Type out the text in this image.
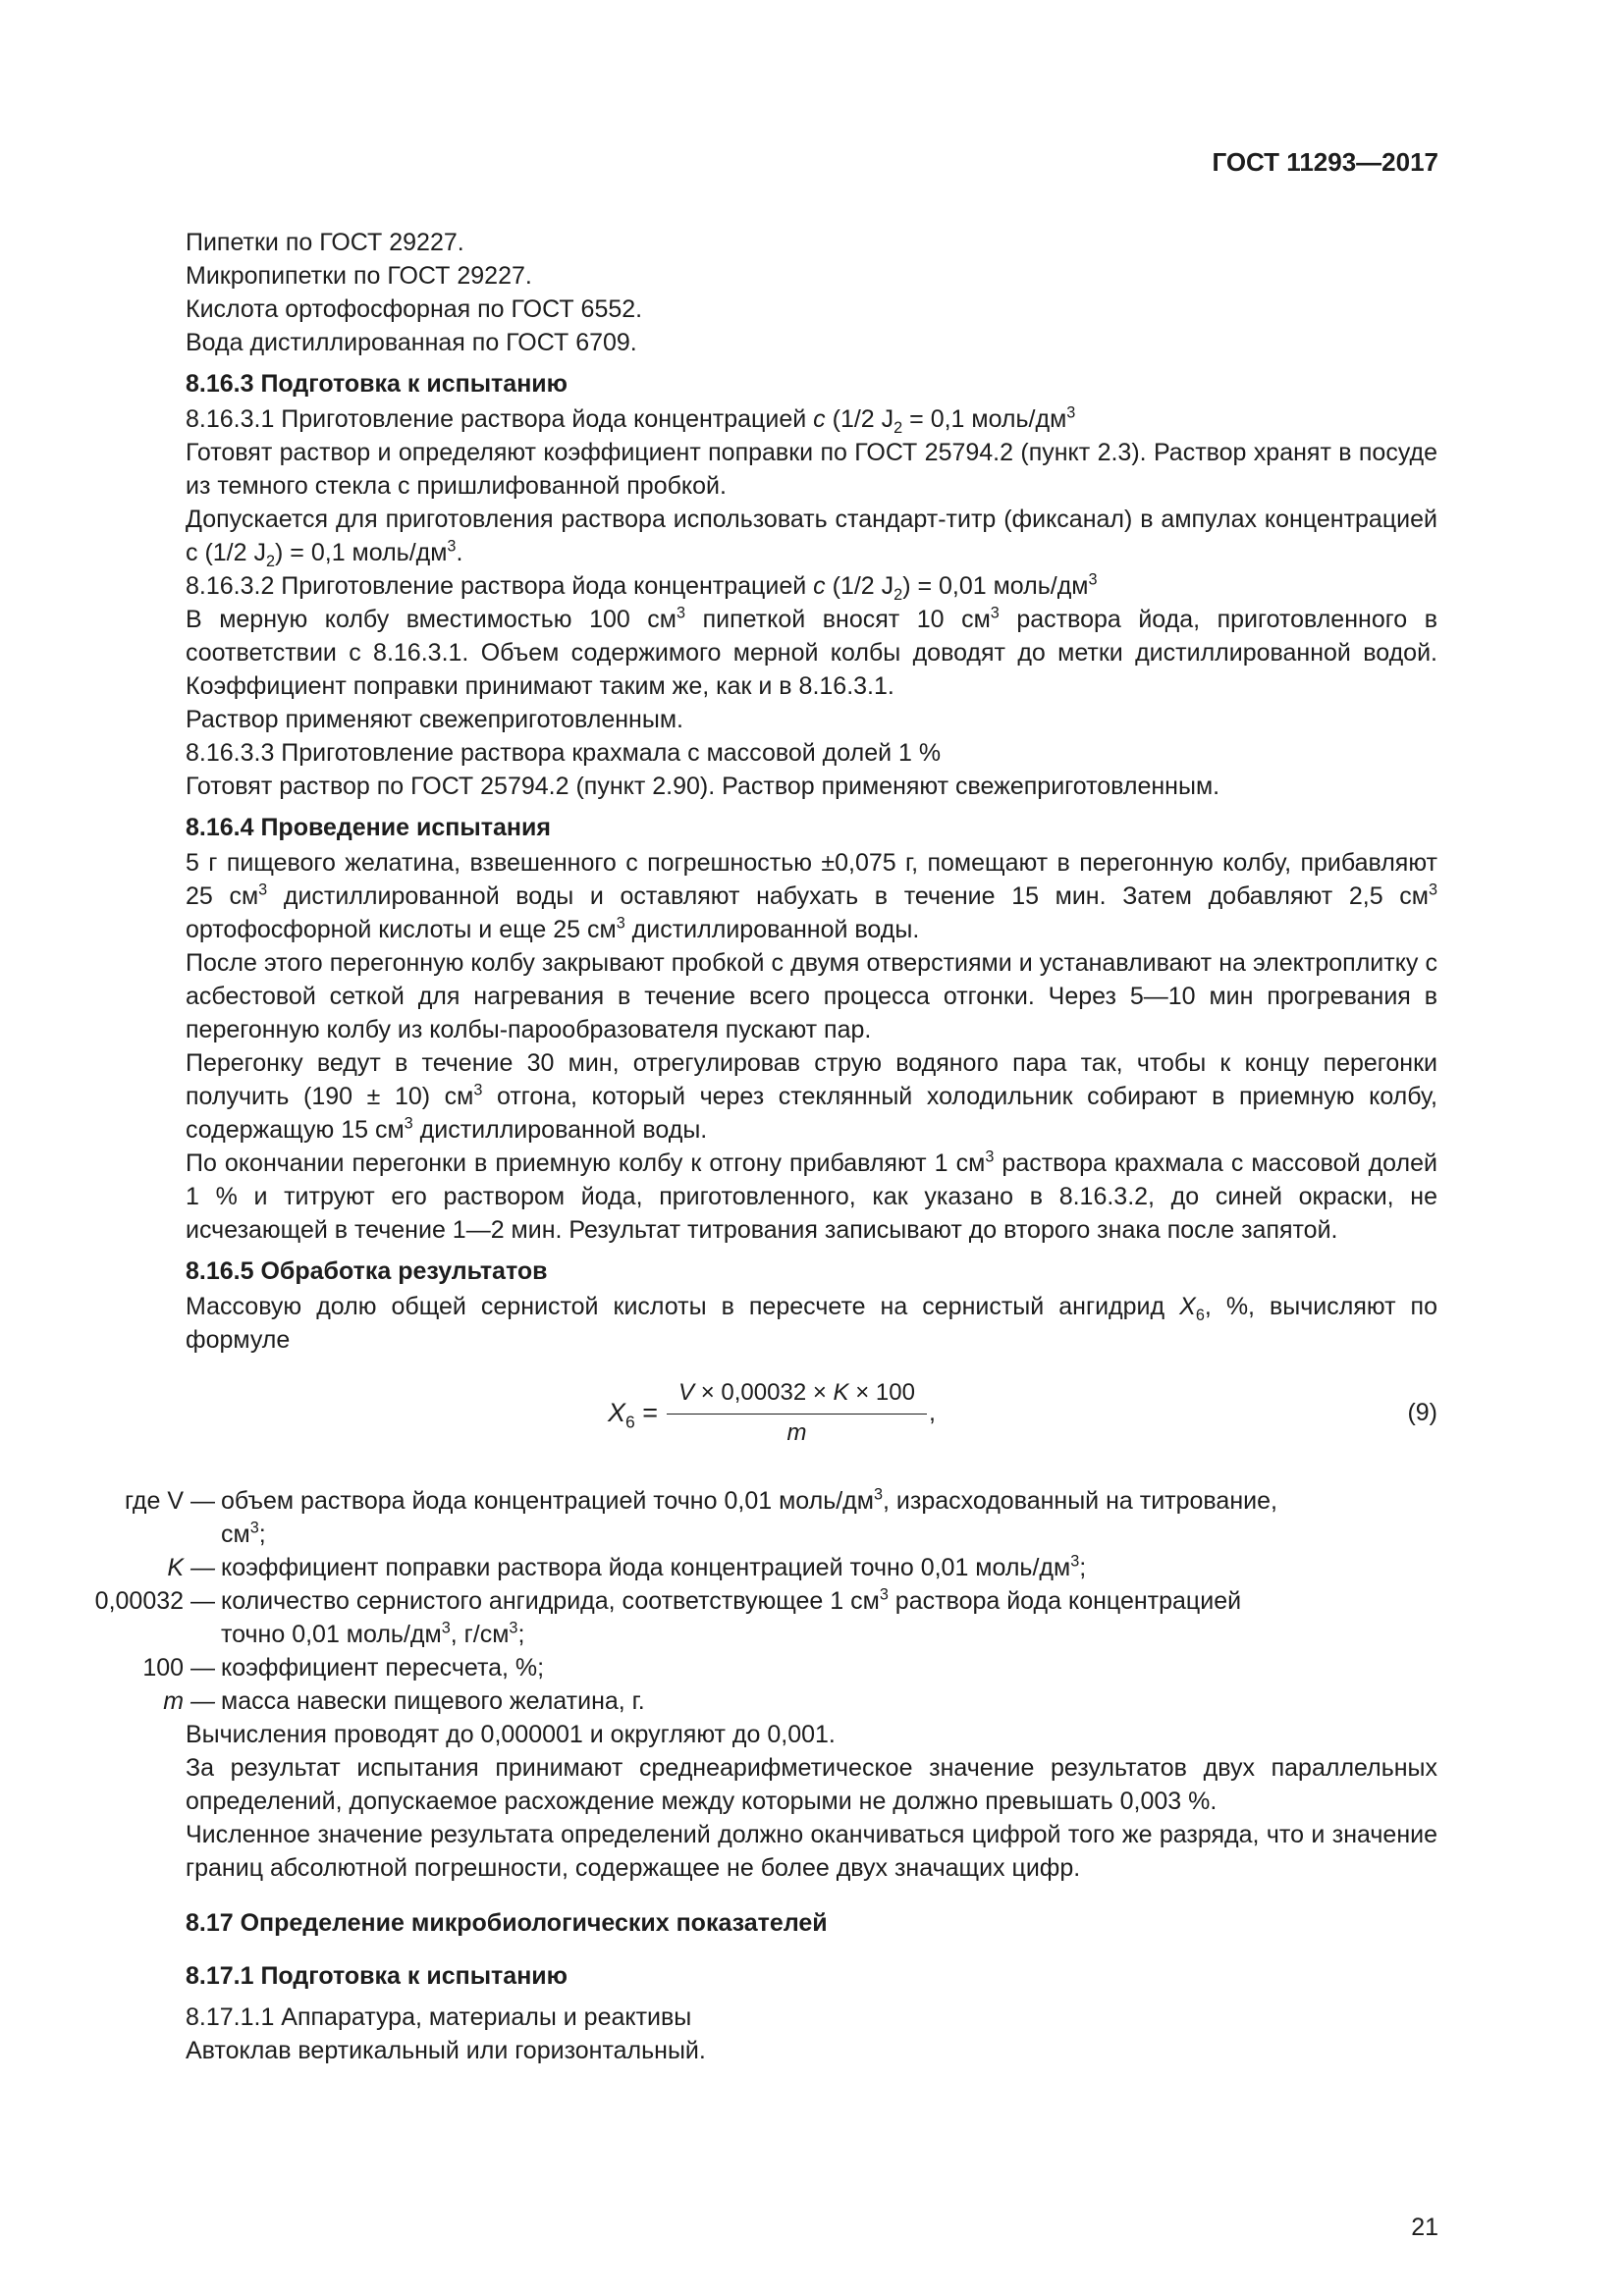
ГОСТ 11293—2017

Пипетки по ГОСТ 29227.

Микропипетки по ГОСТ 29227.

Кислота ортофосфорная по ГОСТ 6552.

Вода дистиллированная по ГОСТ 6709.

8.16.3 Подготовка к испытанию

8.16.3.1 Приготовление раствора йода концентрацией c (1/2 $J_2 = 0,1$ моль/$дм^3$

Готовят раствор и определяют коэффициент поправки по ГОСТ 25794.2 (пункт 2.3). Раствор хранят в посуде из темного стекла с пришлифованной пробкой.

Допускается для приготовления раствора использовать стандарт-титр (фиксанал) в ампулах концентрацией с (1/2 $J_2) = 0,1$ моль/$дм^3$.

8.16.3.2 Приготовление раствора йода концентрацией c (1/2 $J_2) = 0,01$ моль/$дм^3$

В мерную колбу вместимостью 100 $см^3$ пипеткой вносят 10 $см^3$ раствора йода, приготовленного в соответствии с 8.16.3.1. Объем содержимого мерной колбы доводят до метки дистиллированной водой. Коэффициент поправки принимают таким же, как и в 8.16.3.1.

Раствор применяют свежеприготовленным.

8.16.3.3 Приготовление раствора крахмала с массовой долей 1 %

Готовят раствор по ГОСТ 25794.2 (пункт 2.90). Раствор применяют свежеприготовленным.

8.16.4 Проведение испытания

5 г пищевого желатина, взвешенного с погрешностью ±0,075 г, помещают в перегонную колбу, прибавляют 25 $см^3$ дистиллированной воды и оставляют набухать в течение 15 мин. Затем добавляют 2,5 $см^3$ ортофосфорной кислоты и еще 25 $см^3$ дистиллированной воды.

После этого перегонную колбу закрывают пробкой с двумя отверстиями и устанавливают на электроплитку с асбестовой сеткой для нагревания в течение всего процесса отгонки. Через 5—10 мин прогревания в перегонную колбу из колбы-парообразователя пускают пар.

Перегонку ведут в течение 30 мин, отрегулировав струю водяного пара так, чтобы к концу перегонки получить (190 ± 10) $см^3$ отгона, который через стеклянный холодильник собирают в приемную колбу, содержащую 15 $см^3$ дистиллированной воды.

По окончании перегонки в приемную колбу к отгону прибавляют 1 $см^3$ раствора крахмала с массовой долей 1 % и титруют его раствором йода, приготовленного, как указано в 8.16.3.2, до синей окраски, не исчезающей в течение 1—2 мин. Результат титрования записывают до второго знака после запятой.

8.16.5 Обработка результатов

Массовую долю общей сернистой кислоты в пересчете на сернистый ангидрид $X_6$, %, вычисляют по формуле

$X_6 = \frac{V \times 0,00032 \times K \times 100}{m}$ ,	(9)
где V — объем раствора йода концентрацией точно 0,01 моль/$дм^3$, израсходованный на титрование,
$см^3$;
K — коэффициент поправки раствора йода концентрацией точно 0,01 моль/$дм^3$;
0,00032 — количество сернистого ангидрида, соответствующее 1 $см^3$ раствора йода концентрацией
точно 0,01 моль/$дм^3$, $г/см^3$;
100 — коэффициент пересчета, %;
m — масса навески пищевого желатина, г.

Вычисления проводят до 0,000001 и округляют до 0,001.

За результат испытания принимают среднеарифметическое значение результатов двух параллельных определений, допускаемое расхождение между которыми не должно превышать 0,003 %.

Численное значение результата определений должно оканчиваться цифрой того же разряда, что и значение границ абсолютной погрешности, содержащее не более двух значащих цифр.

8.17 Определение микробиологических показателей

8.17.1 Подготовка к испытанию

8.17.1.1 Аппаратура, материалы и реактивы

Автоклав вертикальный или горизонтальный.

21
